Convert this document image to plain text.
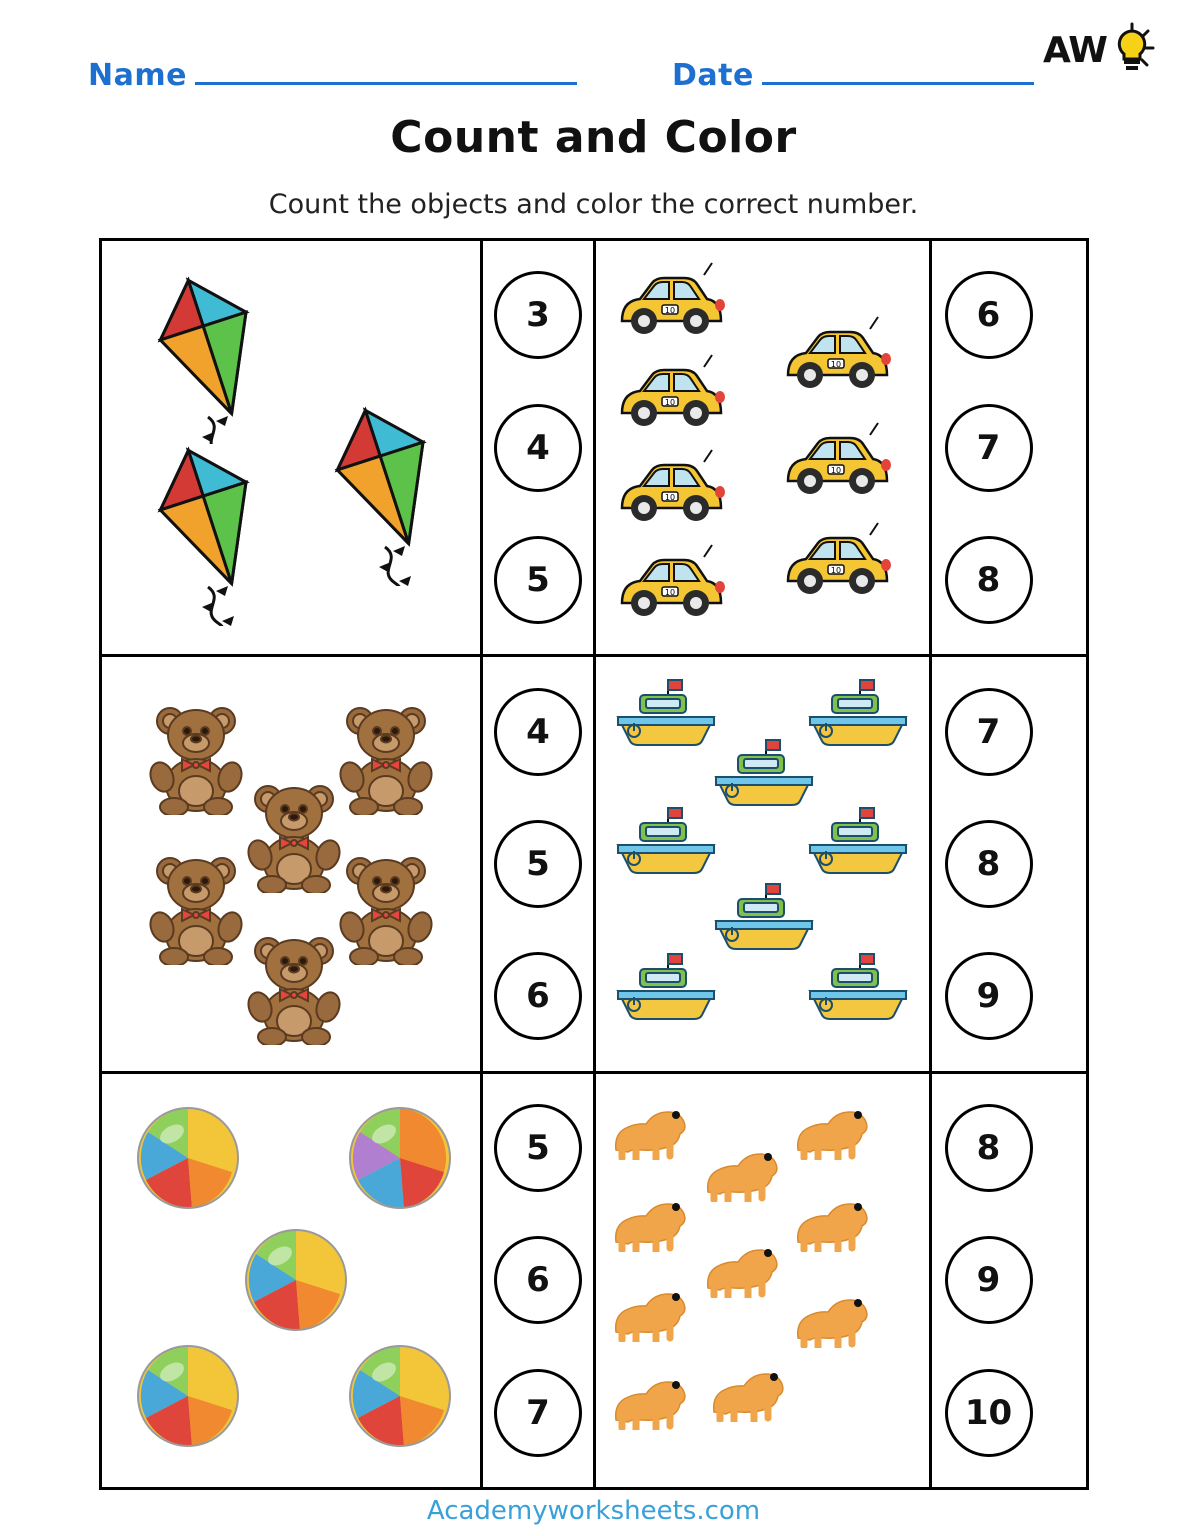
Name	Date
AW
Count and Color
Count the objects and color the correct number.
3
4
5
10
10
10
10
10
10
10
6
7
8
4
5
6
7
8
9
5
6
7
8
9
10
Academyworksheets.com
